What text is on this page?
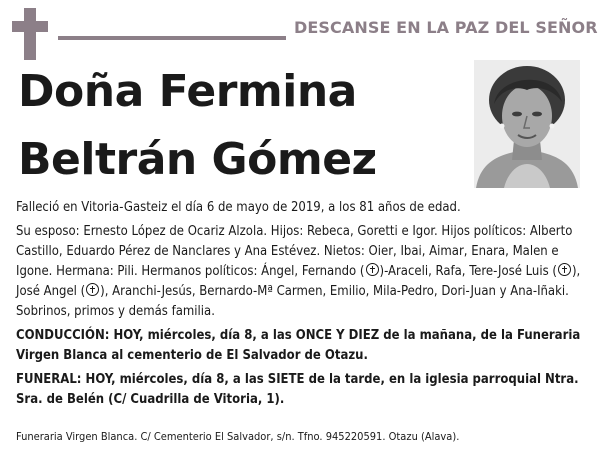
DESCANSE EN LA PAZ DEL SEÑOR
Doña Fermina
Beltrán Gómez

Falleció en Vitoria-Gasteiz el día 6 de mayo de 2019, a los 81 años de edad.

Su esposo: Ernesto López de Ocariz Alzola. Hijos: Rebeca, Goretti e Igor. Hijos políticos: Alberto Castillo, Eduardo Pérez de Nanclares y Ana Estévez. Nietos: Oier, Ibai, Aimar, Enara, Malen e Igone. Hermana: Pili. Hermanos políticos: Ángel, Fernando ( )-Araceli, Rafa, Tere-José Luis ( ), José Angel ( ), Aranchi-Jesús, Bernardo-Mª Carmen, Emilio, Mila-Pedro, Dori-Juan y Ana-Iñaki. Sobrinos, primos y demás familia.

CONDUCCIÓN: HOY, miércoles, día 8, a las ONCE Y DIEZ de la mañana, de la Funeraria Virgen Blanca al cementerio de El Salvador de Otazu.

FUNERAL: HOY, miércoles, día 8, a las SIETE de la tarde, en la iglesia parroquial Ntra. Sra. de Belén (C/ Cuadrilla de Vitoria, 1).

Funeraria Virgen Blanca. C/ Cementerio El Salvador, s/n. Tfno. 945220591. Otazu (Alava).
